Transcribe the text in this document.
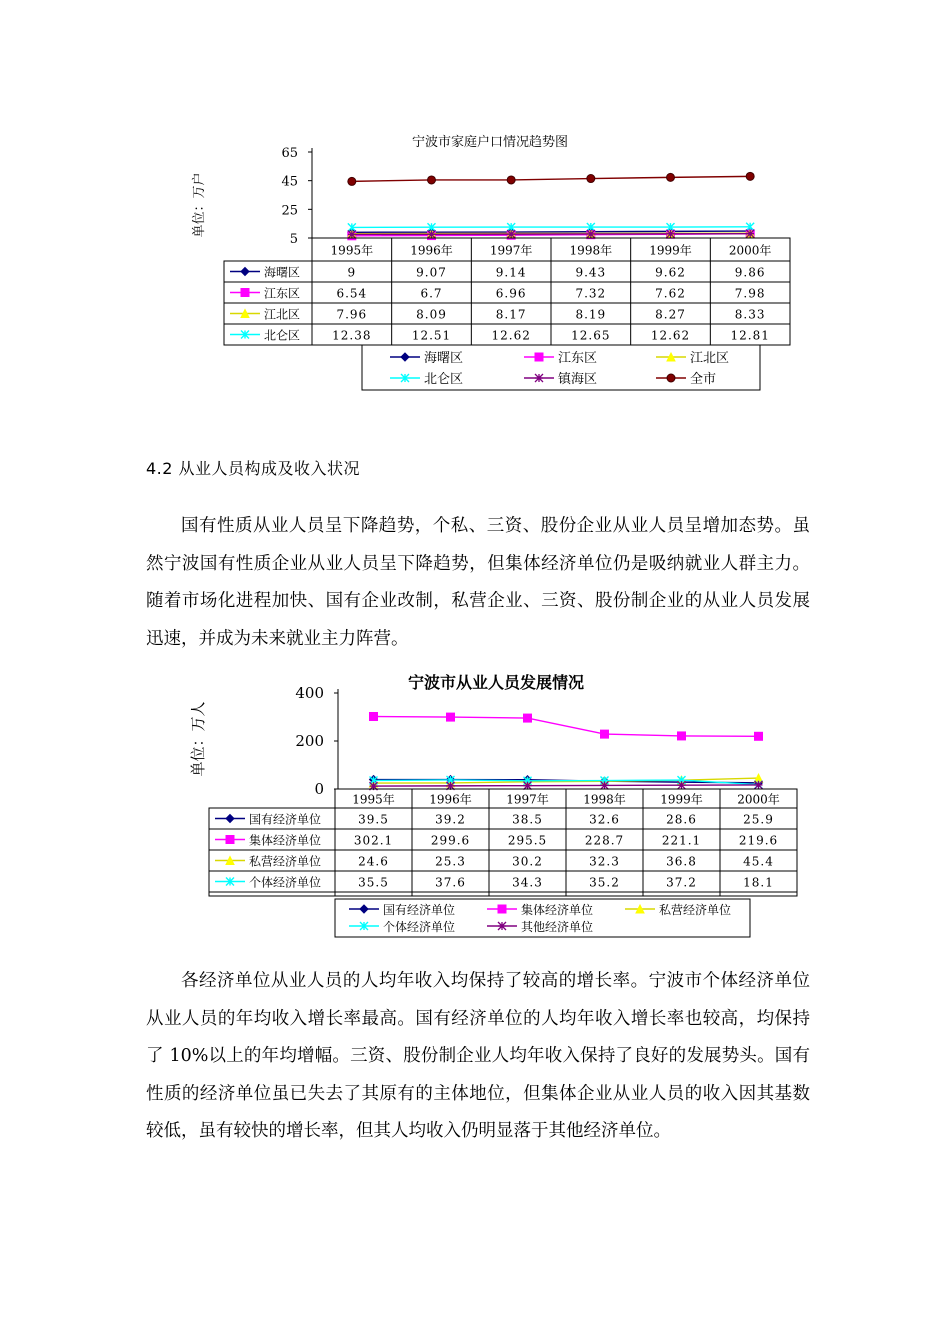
宁波市家庭户口情况趋势图
单位：万户
65
45
25
5
1995年	1996年	1997年	1998年	1999年	2000年
海曙区	9	9.07	9.14	9.43	9.62	9.86
江东区	6.54	6.7	6.96	7.32	7.62	7.98
江北区	7.96	8.09	8.17	8.19	8.27	8.33
北仑区	12.38	12.51	12.62	12.65	12.62	12.81
海曙区	江东区	江北区
北仑区	镇海区	全市
4.2 从业人员构成及收入状况

国有性质从业人员呈下降趋势，个私、三资、股份企业从业人员呈增加态势。虽然宁波国有性质企业从业人员呈下降趋势，但集体经济单位仍是吸纳就业人群主力。随着市场化进程加快、国有企业改制，私营企业、三资、股份制企业的从业人员发展迅速，并成为未来就业主力阵营。

宁波市从业人员发展情况
单位：万人
400
200
0
1995年	1996年	1997年	1998年	1999年	2000年
国有经济单位	39.5	39.2	38.5	32.6	28.6	25.9
集体经济单位	302.1	299.6	295.5	228.7	221.1	219.6
私营经济单位	24.6	25.3	30.2	32.3	36.8	45.4
个体经济单位	35.5	37.6	34.3	35.2	37.2	18.1
国有经济单位	集体经济单位	私营经济单位
个体经济单位	其他经济单位

各经济单位从业人员的人均年收入均保持了较高的增长率。宁波市个体经济单位从业人员的年均收入增长率最高。国有经济单位的人均年收入增长率也较高，均保持了 10%以上的年均增幅。三资、股份制企业人均年收入保持了良好的发展势头。国有性质的经济单位虽已失去了其原有的主体地位，但集体企业从业人员的收入因其基数较低，虽有较快的增长率，但其人均收入仍明显落于其他经济单位。
